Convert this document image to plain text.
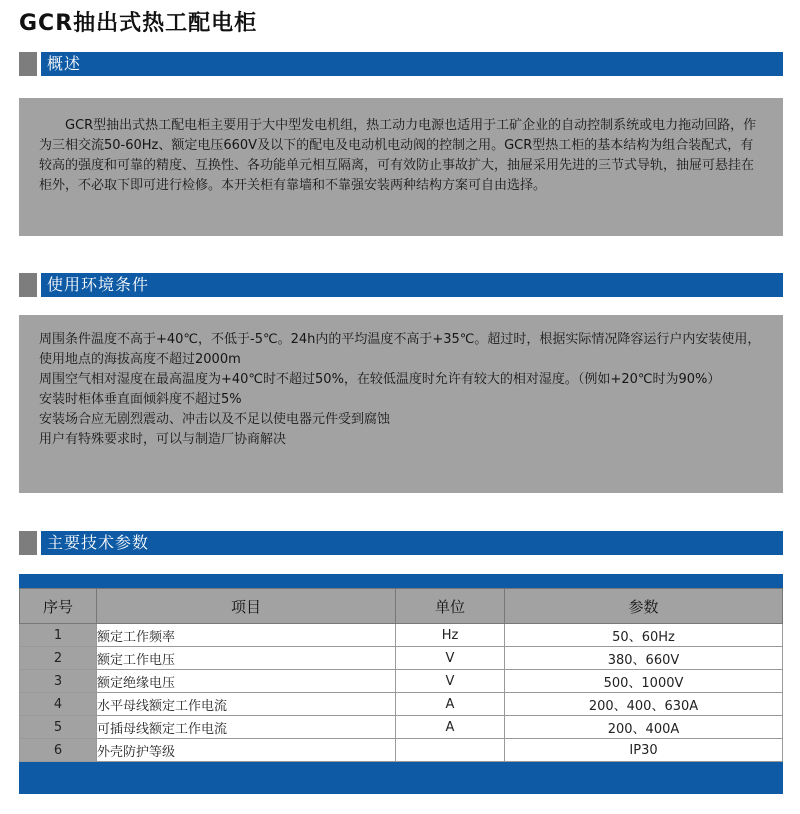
GCR抽出式热工配电柜
概述

GCR型抽出式热工配电柜主要用于大中型发电机组，热工动力电源也适用于工矿企业的自动控制系统或电力拖动回路，作为三相交流50-60Hz、额定电压660V及以下的配电及电动机电动阀的控制之用。GCR型热工柜的基本结构为组合装配式，有较高的强度和可靠的精度、互换性、各功能单元相互隔离，可有效防止事故扩大，抽屉采用先进的三节式导轨，抽屉可悬挂在柜外，不必取下即可进行检修。本开关柜有靠墙和不靠强安装两种结构方案可自由选择。

使用环境条件

周围条件温度不高于+40℃，不低于-5℃。24h内的平均温度不高于+35℃。超过时，根据实际情况降容运行户内安装使用，使用地点的海拔高度不超过2000m

周围空气相对湿度在最高温度为+40℃时不超过50%，在较低温度时允许有较大的相对湿度。（例如+20℃时为90%）

安装时柜体垂直面倾斜度不超过5%

安装场合应无剧烈震动、冲击以及不足以使电器元件受到腐蚀

用户有特殊要求时，可以与制造厂协商解决

主要技术参数
序号	项目	单位	参数
1	额定工作频率	Hz	50、60Hz
2	额定工作电压	V	380、660V
3	额定绝缘电压	V	500、1000V
4	水平母线额定工作电流	A	200、400、630A
5	可插母线额定工作电流	A	200、400A
6	外壳防护等级		IP30
